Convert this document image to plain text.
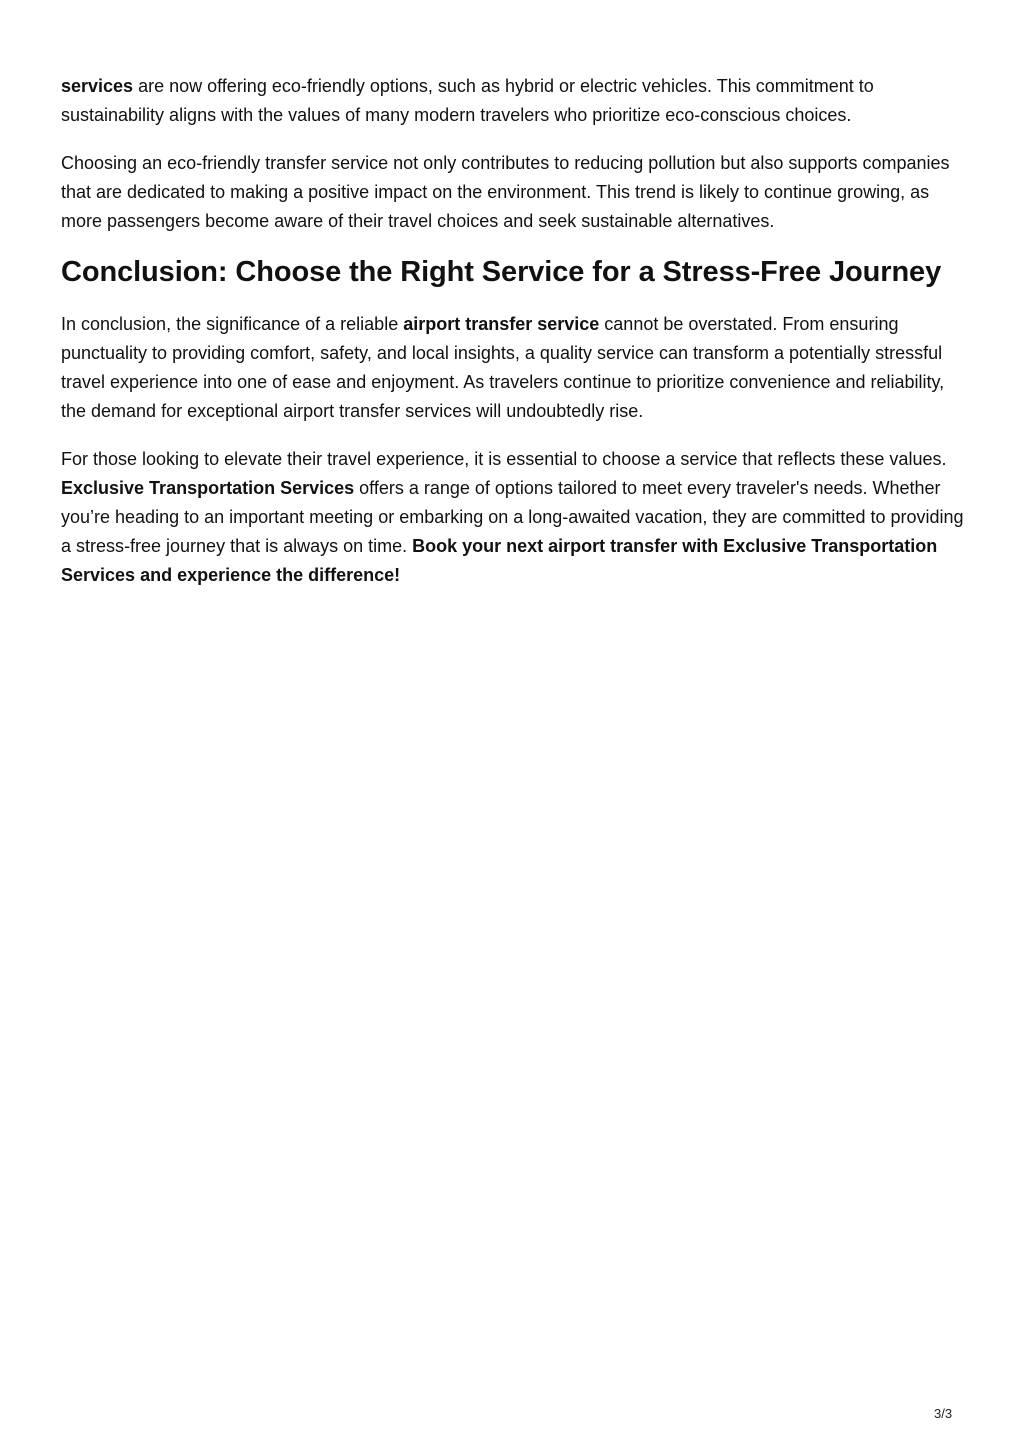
services are now offering eco-friendly options, such as hybrid or electric vehicles. This commitment to sustainability aligns with the values of many modern travelers who prioritize eco-conscious choices.

Choosing an eco-friendly transfer service not only contributes to reducing pollution but also supports companies that are dedicated to making a positive impact on the environment. This trend is likely to continue growing, as more passengers become aware of their travel choices and seek sustainable alternatives.

Conclusion: Choose the Right Service for a Stress-Free Journey

In conclusion, the significance of a reliable airport transfer service cannot be overstated. From ensuring punctuality to providing comfort, safety, and local insights, a quality service can transform a potentially stressful travel experience into one of ease and enjoyment. As travelers continue to prioritize convenience and reliability, the demand for exceptional airport transfer services will undoubtedly rise.

For those looking to elevate their travel experience, it is essential to choose a service that reflects these values. Exclusive Transportation Services offers a range of options tailored to meet every traveler's needs. Whether you’re heading to an important meeting or embarking on a long-awaited vacation, they are committed to providing a stress-free journey that is always on time. Book your next airport transfer with Exclusive Transportation Services and experience the difference!

3/3
